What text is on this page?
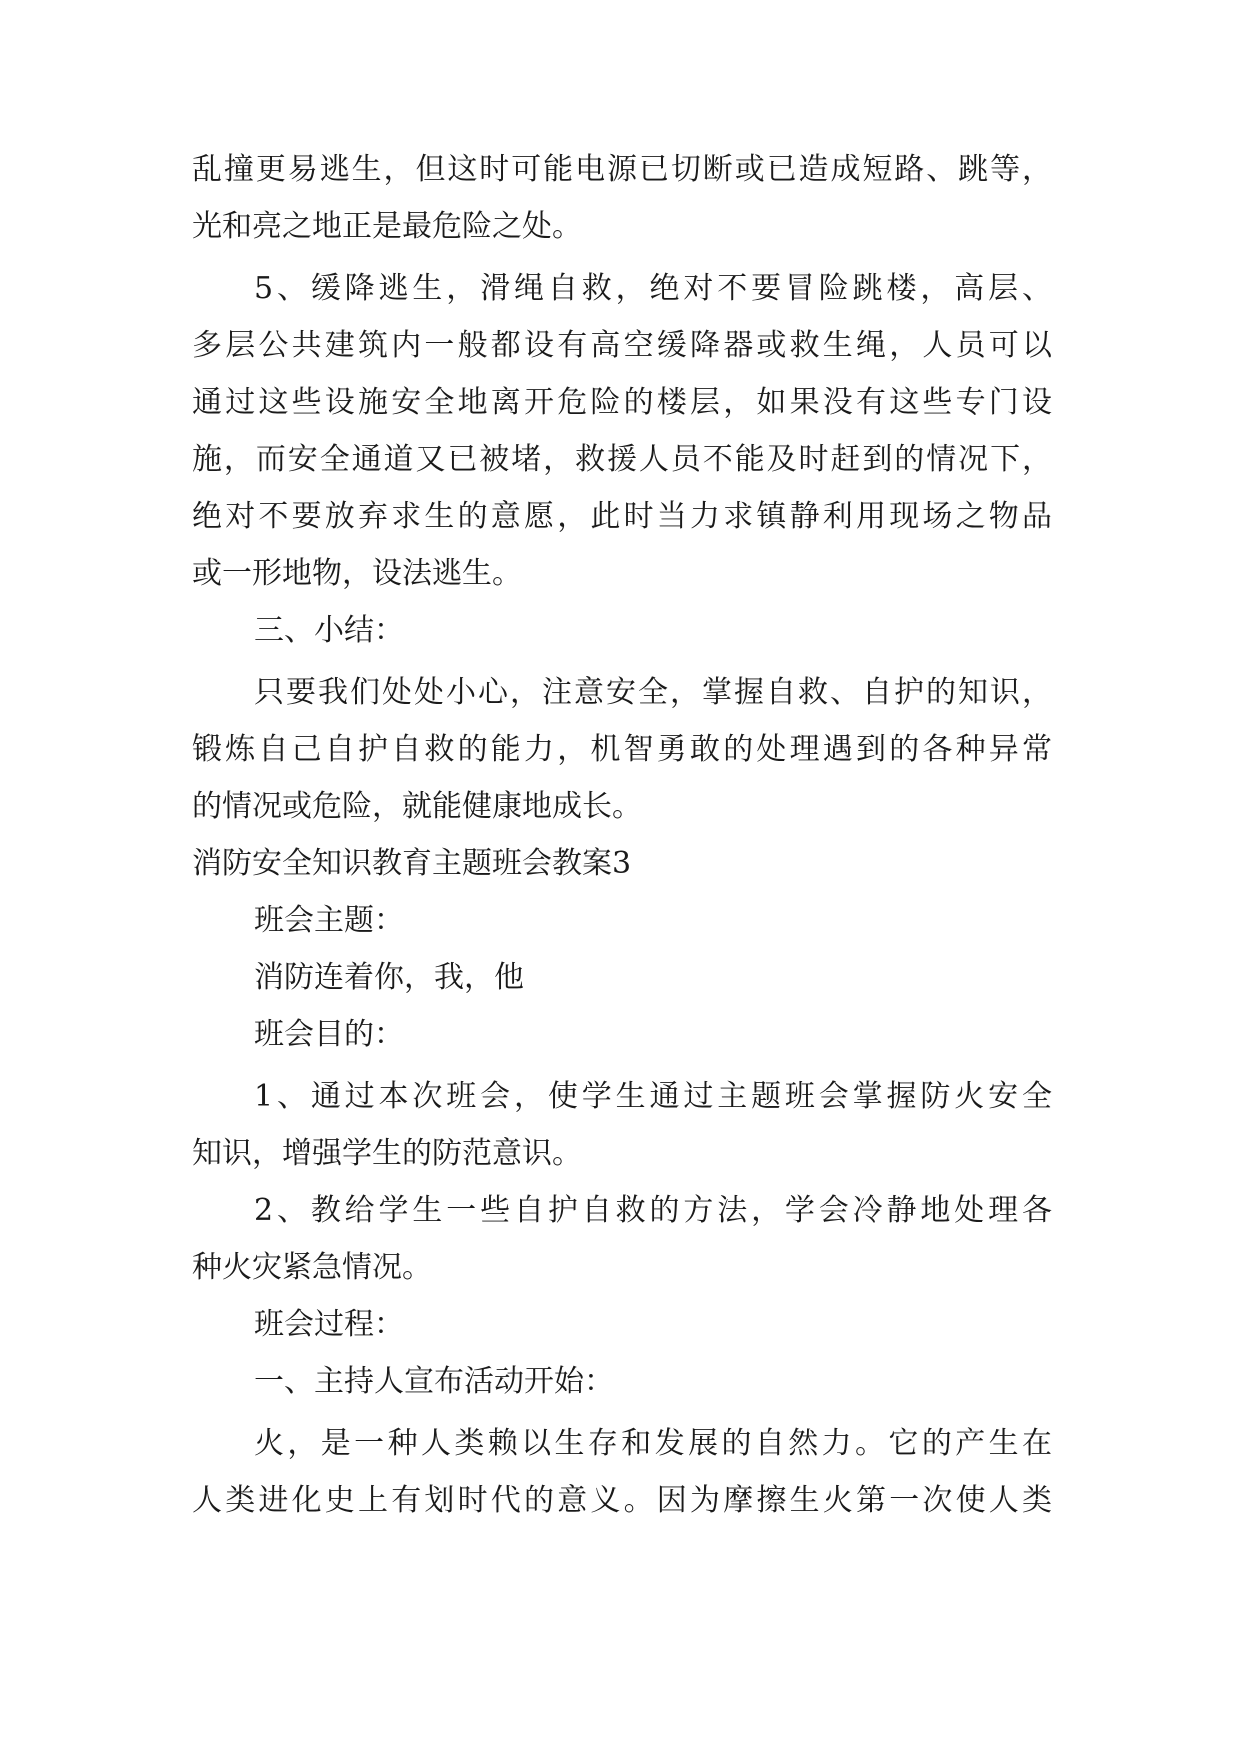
乱撞更易逃生，但这时可能电源已切断或已造成短路、跳等，
光和亮之地正是最危险之处。
5、缓降逃生，滑绳自救，绝对不要冒险跳楼，高层、
多层公共建筑内一般都设有高空缓降器或救生绳，人员可以
通过这些设施安全地离开危险的楼层，如果没有这些专门设
施，而安全通道又已被堵，救援人员不能及时赶到的情况下，
绝对不要放弃求生的意愿，此时当力求镇静利用现场之物品
或一形地物，设法逃生。
三、小结：
只要我们处处小心，注意安全，掌握自救、自护的知识，
锻炼自己自护自救的能力，机智勇敢的处理遇到的各种异常
的情况或危险，就能健康地成长。
消防安全知识教育主题班会教案3
班会主题：
消防连着你，我，他
班会目的：
1、通过本次班会，使学生通过主题班会掌握防火安全
知识，增强学生的防范意识。
2、教给学生一些自护自救的方法，学会冷静地处理各
种火灾紧急情况。
班会过程：
一、主持人宣布活动开始：
火，是一种人类赖以生存和发展的自然力。它的产生在
人类进化史上有划时代的意义。因为摩擦生火第一次使人类
